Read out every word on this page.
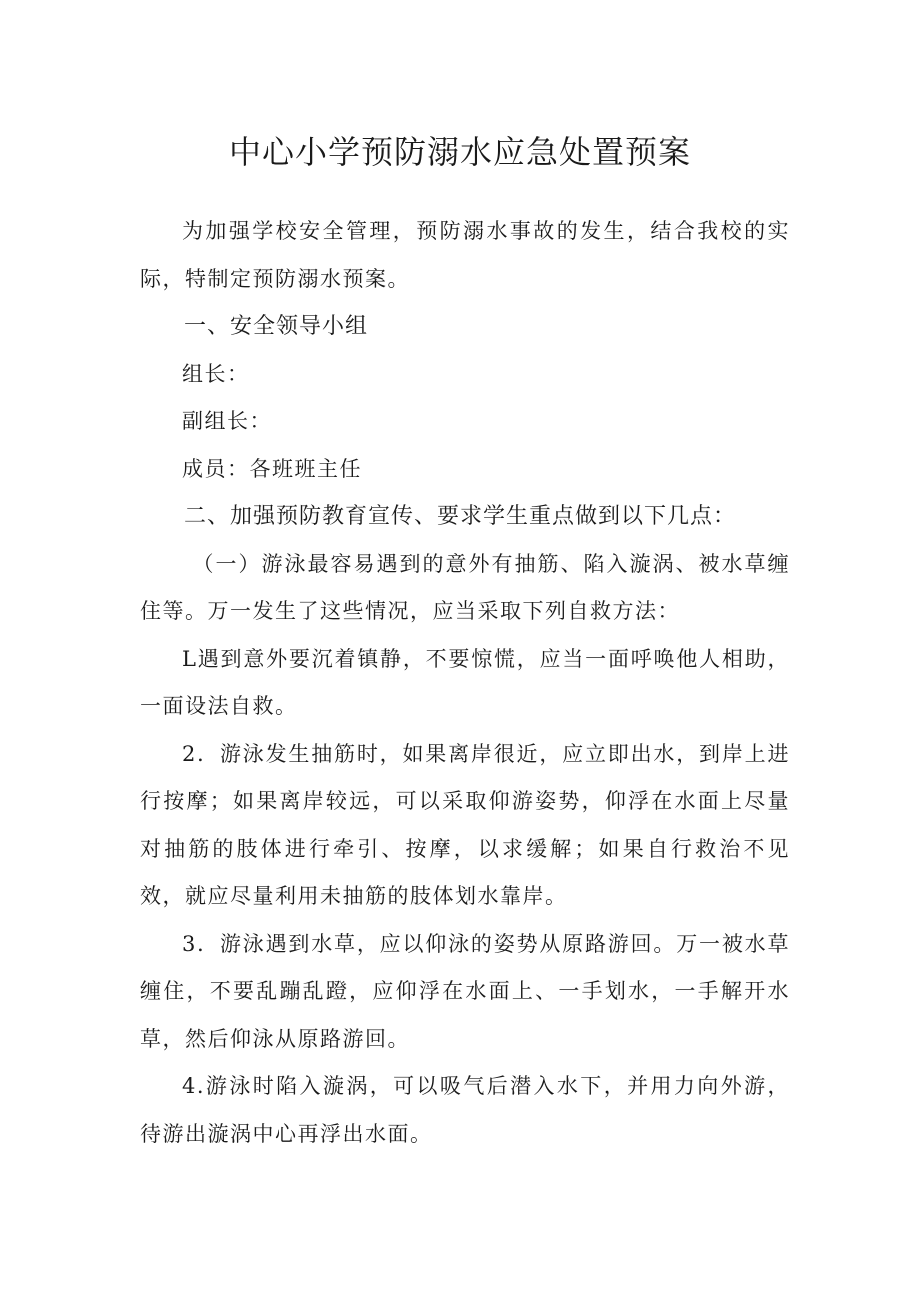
中心小学预防溺水应急处置预案

为加强学校安全管理，预防溺水事故的发生，结合我校的实际，特制定预防溺水预案。

一、安全领导小组

组长：

副组长：

成员：各班班主任

二、加强预防教育宣传、要求学生重点做到以下几点：

（一）游泳最容易遇到的意外有抽筋、陷入漩涡、被水草缠住等。万一发生了这些情况，应当采取下列自救方法：

L遇到意外要沉着镇静，不要惊慌，应当一面呼唤他人相助，一面设法自救。

2．游泳发生抽筋时，如果离岸很近，应立即出水，到岸上进行按摩；如果离岸较远，可以采取仰游姿势，仰浮在水面上尽量对抽筋的肢体进行牵引、按摩，以求缓解；如果自行救治不见效，就应尽量利用未抽筋的肢体划水靠岸。

3．游泳遇到水草，应以仰泳的姿势从原路游回。万一被水草缠住，不要乱蹦乱蹬，应仰浮在水面上、一手划水，一手解开水草，然后仰泳从原路游回。

4.游泳时陷入漩涡，可以吸气后潜入水下，并用力向外游，待游出漩涡中心再浮出水面。
